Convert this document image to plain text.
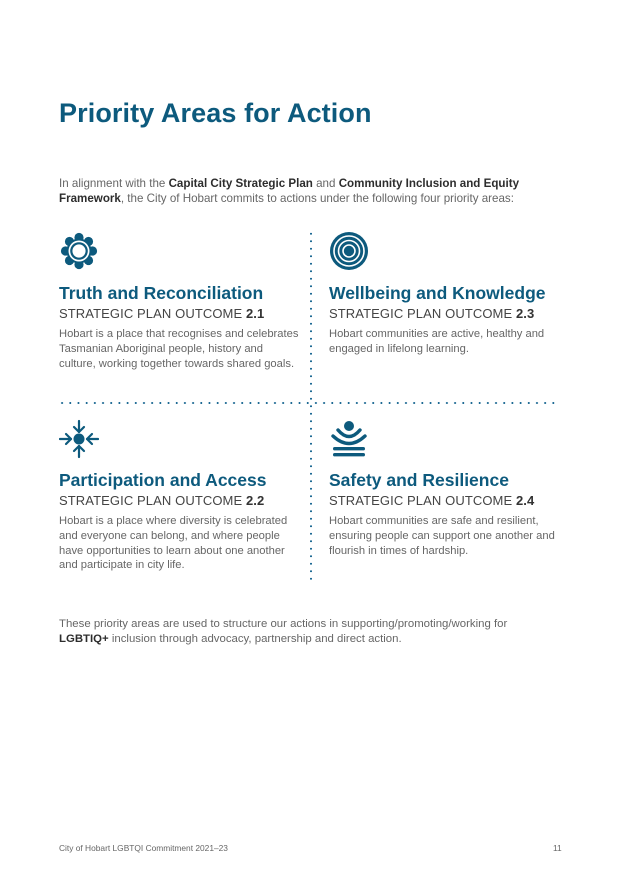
Priority Areas for Action

In alignment with the Capital City Strategic Plan and Community Inclusion and Equity Framework, the City of Hobart commits to actions under the following four priority areas:

Truth and Reconciliation
STRATEGIC PLAN OUTCOME 2.1

Hobart is a place that recognises and celebrates Tasmanian Aboriginal people, history and culture, working together towards shared goals.

Wellbeing and Knowledge
STRATEGIC PLAN OUTCOME 2.3

Hobart communities are active, healthy and engaged in lifelong learning.

Participation and Access
STRATEGIC PLAN OUTCOME 2.2

Hobart is a place where diversity is celebrated and everyone can belong, and where people have opportunities to learn about one another and participate in city life.

Safety and Resilience
STRATEGIC PLAN OUTCOME 2.4

Hobart communities are safe and resilient, ensuring people can support one another and flourish in times of hardship.

These priority areas are used to structure our actions in supporting/promoting/working for LGBTIQ+ inclusion through advocacy, partnership and direct action.

City of Hobart LGBTQI Commitment 2021–23	11
